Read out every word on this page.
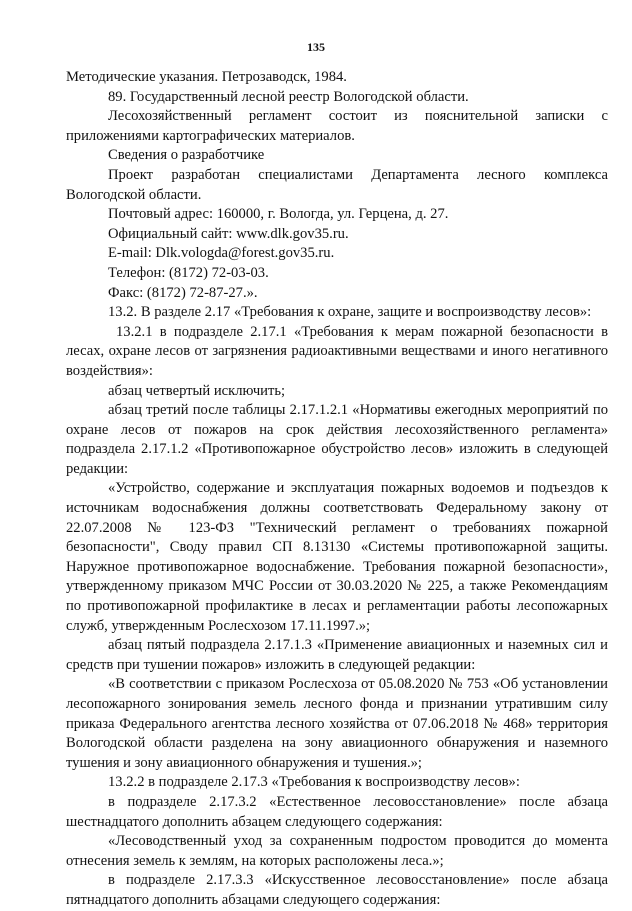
135

Методические указания. Петрозаводск, 1984.

89. Государственный лесной реестр Вологодской области.

Лесохозяйственный регламент состоит из пояснительной записки с приложениями картографических материалов.

Сведения о разработчике

Проект разработан специалистами Департамента лесного комплекса Вологодской области.

Почтовый адрес: 160000, г. Вологда, ул. Герцена, д. 27.

Официальный сайт: www.dlk.gov35.ru.

E-mail: Dlk.vologda@forest.gov35.ru.

Телефон: (8172) 72-03-03.

Факс: (8172) 72-87-27.».

13.2. В разделе 2.17 «Требования к охране, защите и воспроизводству лесов»:

13.2.1 в подразделе 2.17.1 «Требования к мерам пожарной безопасности в лесах, охране лесов от загрязнения радиоактивными веществами и иного негативного воздействия»:

абзац четвертый исключить;

абзац третий после таблицы 2.17.1.2.1 «Нормативы ежегодных мероприятий по охране лесов от пожаров на срок действия лесохозяйственного регламента» подраздела 2.17.1.2 «Противопожарное обустройство лесов» изложить в следующей редакции:

«Устройство, содержание и эксплуатация пожарных водоемов и подъездов к источникам водоснабжения должны соответствовать Федеральному закону от 22.07.2008 № 123-ФЗ "Технический регламент о требованиях пожарной безопасности", Своду правил СП 8.13130 «Системы противопожарной защиты. Наружное противопожарное водоснабжение. Требования пожарной безопасности», утвержденному приказом МЧС России от 30.03.2020 № 225, а также Рекомендациям по противопожарной профилактике в лесах и регламентации работы лесопожарных служб, утвержденным Рослесхозом 17.11.1997.»;

абзац пятый подраздела 2.17.1.3 «Применение авиационных и наземных сил и средств при тушении пожаров» изложить в следующей редакции:

«В соответствии с приказом Рослесхоза от 05.08.2020 № 753 «Об установлении лесопожарного зонирования земель лесного фонда и признании утратившим силу приказа Федерального агентства лесного хозяйства от 07.06.2018 № 468» территория Вологодской области разделена на зону авиационного обнаружения и наземного тушения и зону авиационного обнаружения и тушения.»;

13.2.2 в подразделе 2.17.3 «Требования к воспроизводству лесов»:

в подразделе 2.17.3.2 «Естественное лесовосстановление» после абзаца шестнадцатого дополнить абзацем следующего содержания:

«Лесоводственный уход за сохраненным подростом проводится до момента отнесения земель к землям, на которых расположены леса.»;

в подразделе 2.17.3.3 «Искусственное лесовосстановление» после абзаца пятнадцатого дополнить абзацами следующего содержания:
